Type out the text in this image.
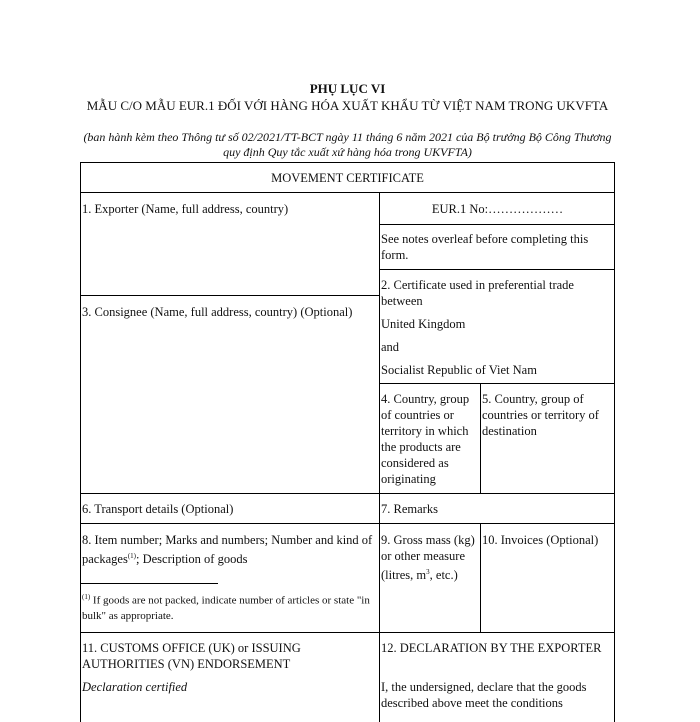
PHỤ LỤC VI
MẪU C/O MẪU EUR.1 ĐỐI VỚI HÀNG HÓA XUẤT KHẨU TỪ VIỆT NAM TRONG UKVFTA
(ban hành kèm theo Thông tư số 02/2021/TT-BCT ngày 11 tháng 6 năm 2021 của Bộ trưởng Bộ Công Thương quy định Quy tắc xuất xứ hàng hóa trong UKVFTA)
MOVEMENT CERTIFICATE
1. Exporter (Name, full address, country)	EUR.1 No:………………
See notes overleaf before completing this form.
2. Certificate used in preferential trade between
United Kingdom
and
Socialist Republic of Viet Nam
3. Consignee (Name, full address, country) (Optional)
4. Country, group of countries or territory in which the products are considered as originating
5. Country, group of countries or territory of destination
6. Transport details (Optional)	7. Remarks
8. Item number; Marks and numbers; Number and kind of packages$^{(1)}$; Description of goods
$^{(1)}$ If goods are not packed, indicate number of articles or state "in bulk" as appropriate.
9. Gross mass (kg) or other measure (litres, $m^3$, etc.)
10. Invoices (Optional)
11. CUSTOMS OFFICE (UK) or ISSUING AUTHORITIES (VN) ENDORSEMENT
Declaration certified
12. DECLARATION BY THE EXPORTER
I, the undersigned, declare that the goods described above meet the conditions
